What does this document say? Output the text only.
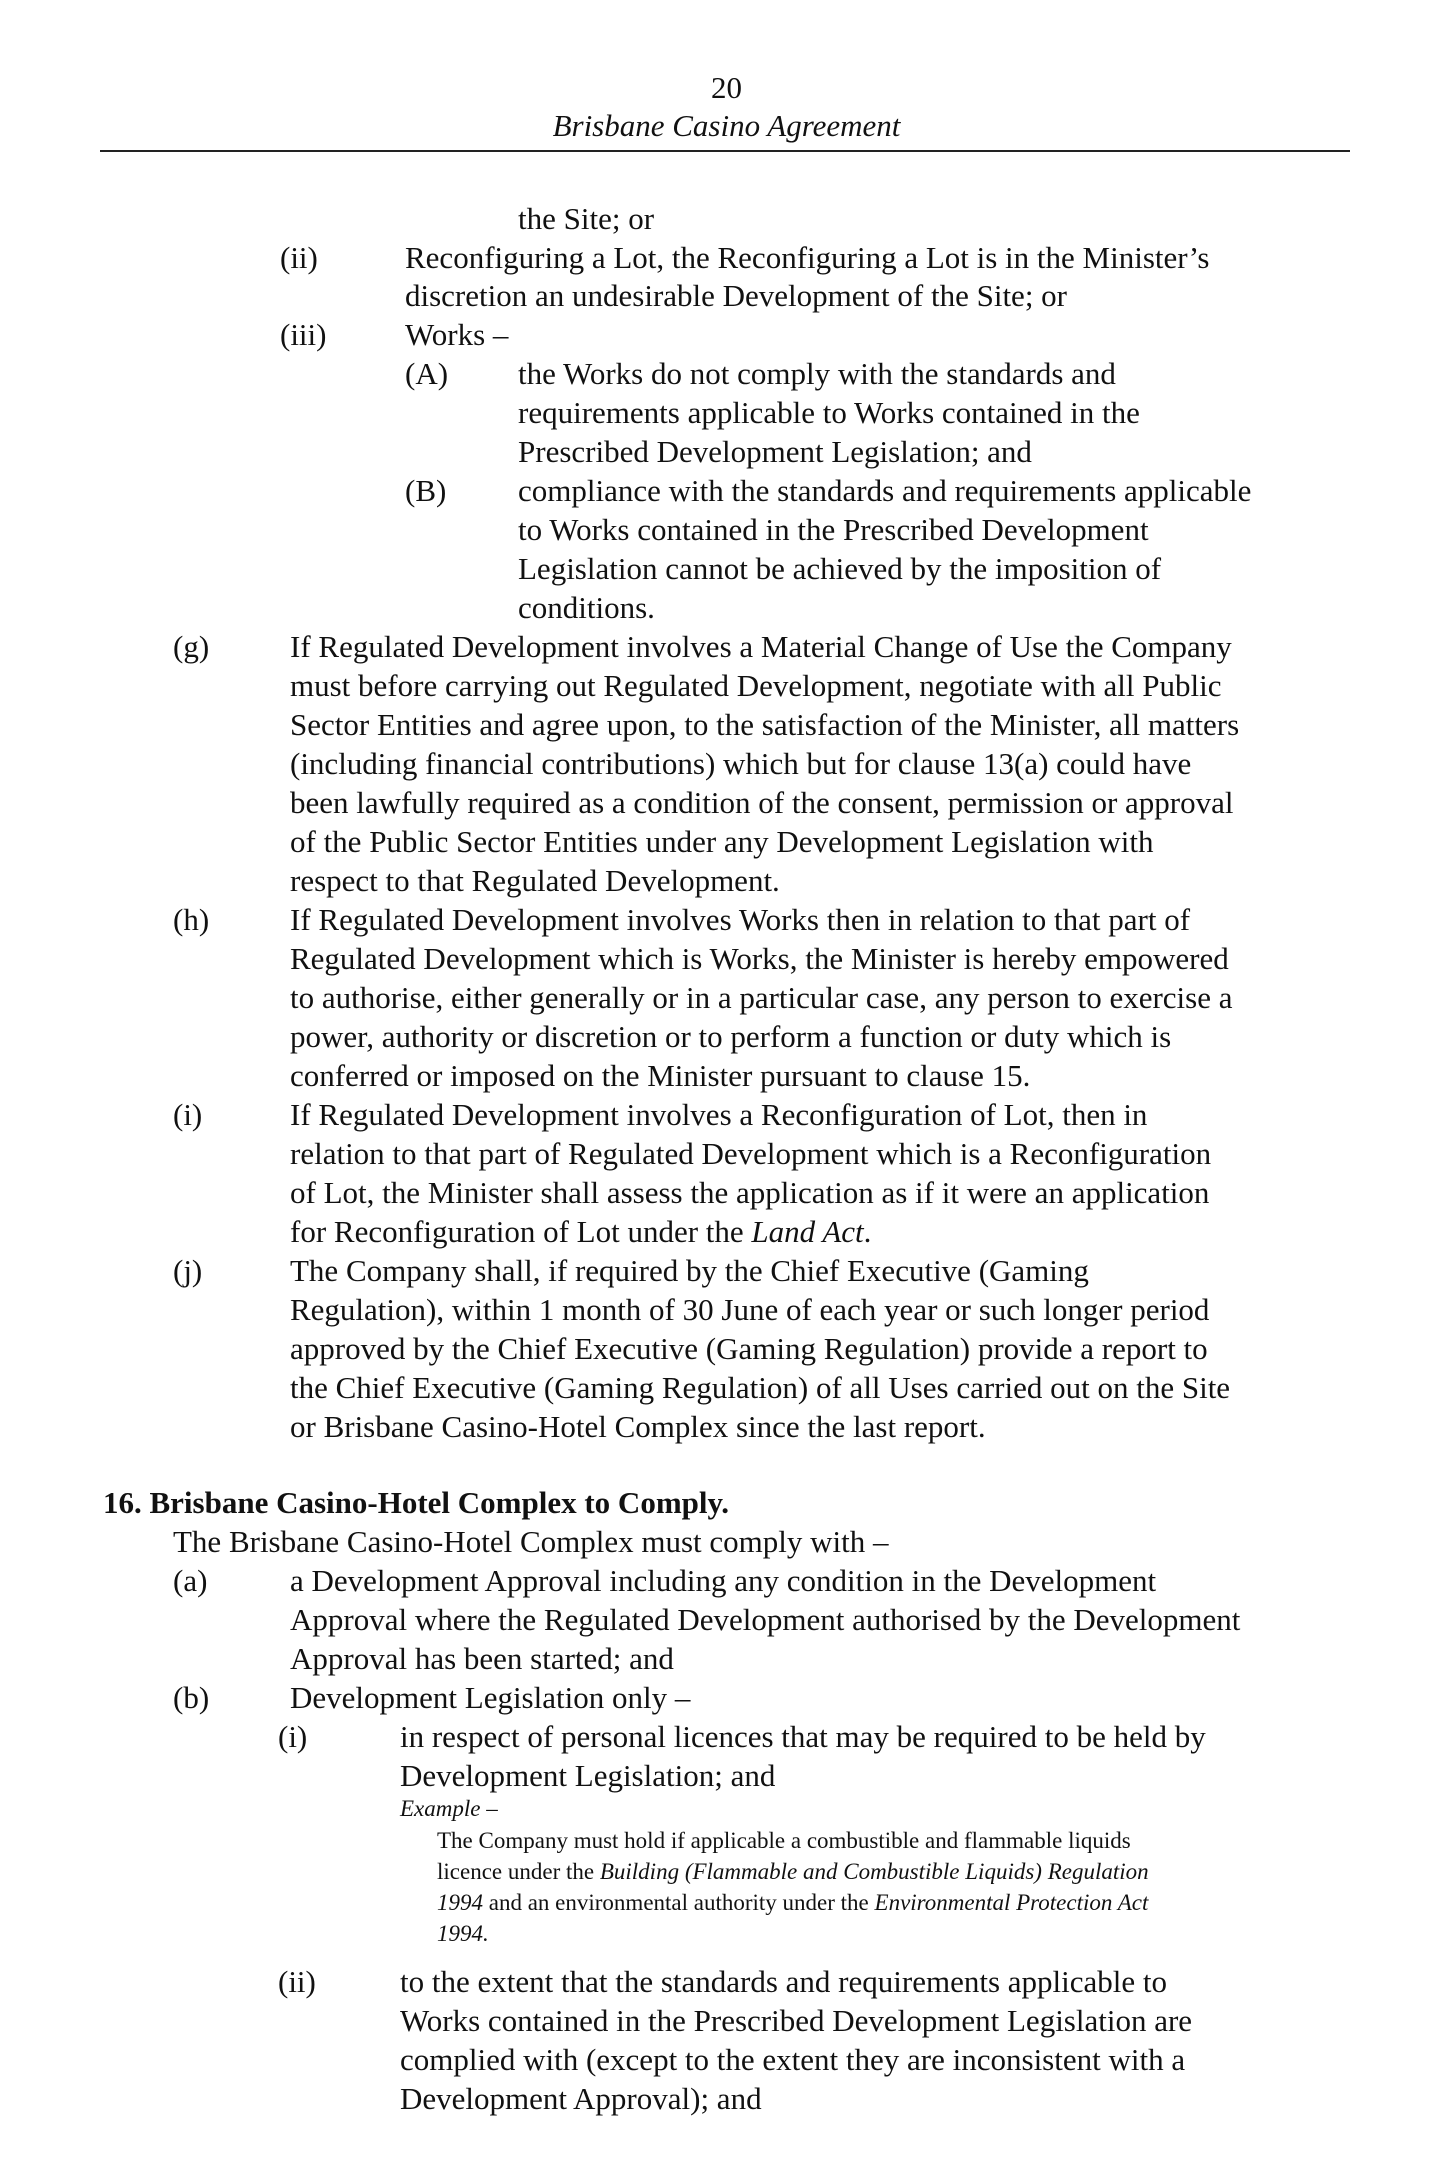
20
Brisbane Casino Agreement
the Site; or
(ii)	Reconfiguring a Lot, the Reconfiguring a Lot is in the Minister’s
discretion an undesirable Development of the Site; or
(iii)	Works –
(A) the Works do not comply with the standards and
requirements applicable to Works contained in the
Prescribed Development Legislation; and
(B) compliance with the standards and requirements applicable
to Works contained in the Prescribed Development
Legislation cannot be achieved by the imposition of
conditions.
(g)	If Regulated Development involves a Material Change of Use the Company
must before carrying out Regulated Development, negotiate with all Public
Sector Entities and agree upon, to the satisfaction of the Minister, all matters
(including financial contributions) which but for clause 13(a) could have
been lawfully required as a condition of the consent, permission or approval
of the Public Sector Entities under any Development Legislation with
respect to that Regulated Development.
(h)	If Regulated Development involves Works then in relation to that part of
Regulated Development which is Works, the Minister is hereby empowered
to authorise, either generally or in a particular case, any person to exercise a
power, authority or discretion or to perform a function or duty which is
conferred or imposed on the Minister pursuant to clause 15.
(i)	If Regulated Development involves a Reconfiguration of Lot, then in
relation to that part of Regulated Development which is a Reconfiguration
of Lot, the Minister shall assess the application as if it were an application
for Reconfiguration of Lot under the Land Act.
(j)	The Company shall, if required by the Chief Executive (Gaming
Regulation), within 1 month of 30 June of each year or such longer period
approved by the Chief Executive (Gaming Regulation) provide a report to
the Chief Executive (Gaming Regulation) of all Uses carried out on the Site
or Brisbane Casino-Hotel Complex since the last report.
16. Brisbane Casino-Hotel Complex to Comply.
The Brisbane Casino-Hotel Complex must comply with –
(a)	a Development Approval including any condition in the Development
Approval where the Regulated Development authorised by the Development
Approval has been started; and
(b)	Development Legislation only –
(i)	in respect of personal licences that may be required to be held by
Development Legislation; and
Example –
The Company must hold if applicable a combustible and flammable liquids
licence under the Building (Flammable and Combustible Liquids) Regulation
1994 and an environmental authority under the Environmental Protection Act
1994.
(ii)	to the extent that the standards and requirements applicable to
Works contained in the Prescribed Development Legislation are
complied with (except to the extent they are inconsistent with a
Development Approval); and
